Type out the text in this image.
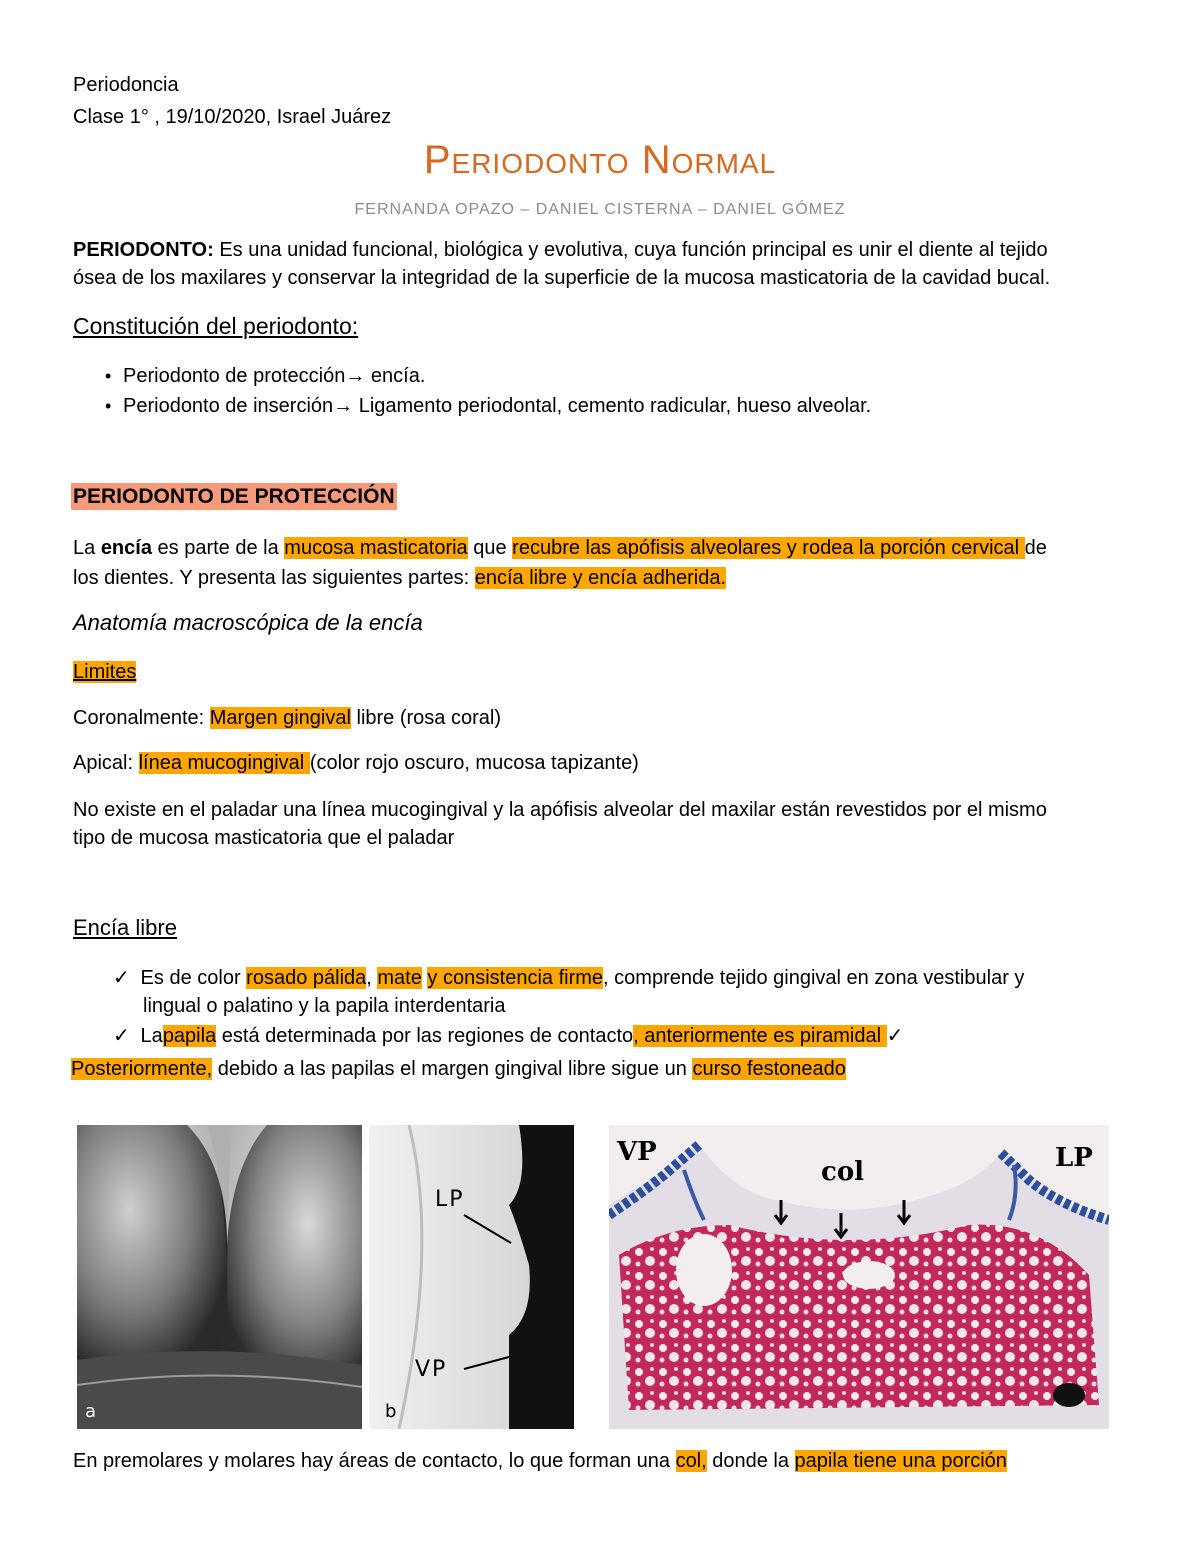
Periodoncia
Clase 1° , 19/10/2020, Israel Juárez
Periodonto Normal
FERNANDA OPAZO – DANIEL CISTERNA – DANIEL GÓMEZ
PERIODONTO: Es una unidad funcional, biológica y evolutiva, cuya función principal es unir el diente al tejido
ósea de los maxilares y conservar la integridad de la superficie de la mucosa masticatoria de la cavidad bucal.
Constitución del periodonto:
• Periodonto de protección→ encía.
• Periodonto de inserción→ Ligamento periodontal, cemento radicular, hueso alveolar.
PERIODONTO DE PROTECCIÓN
La encía es parte de la mucosa masticatoria que recubre las apófisis alveolares y rodea la porción cervical de
los dientes. Y presenta las siguientes partes: encía libre y encía adherida.
Anatomía macroscópica de la encía
Limites
Coronalmente: Margen gingival libre (rosa coral)
Apical: línea mucogingival (color rojo oscuro, mucosa tapizante)
No existe en el paladar una línea mucogingival y la apófisis alveolar del maxilar están revestidos por el mismo
tipo de mucosa masticatoria que el paladar
Encía libre
✓ Es de color rosado pálida, mate y consistencia firme, comprende tejido gingival en zona vestibular y
lingual o palatino y la papila interdentaria
✓ Lapapila está determinada por las regiones de contacto, anteriormente es piramidal ✓
Posteriormente, debido a las papilas el margen gingival libre sigue un curso festoneado
a
LP
VP
b
VP	LP
col
En premolares y molares hay áreas de contacto, lo que forman una col, donde la papila tiene una porción
